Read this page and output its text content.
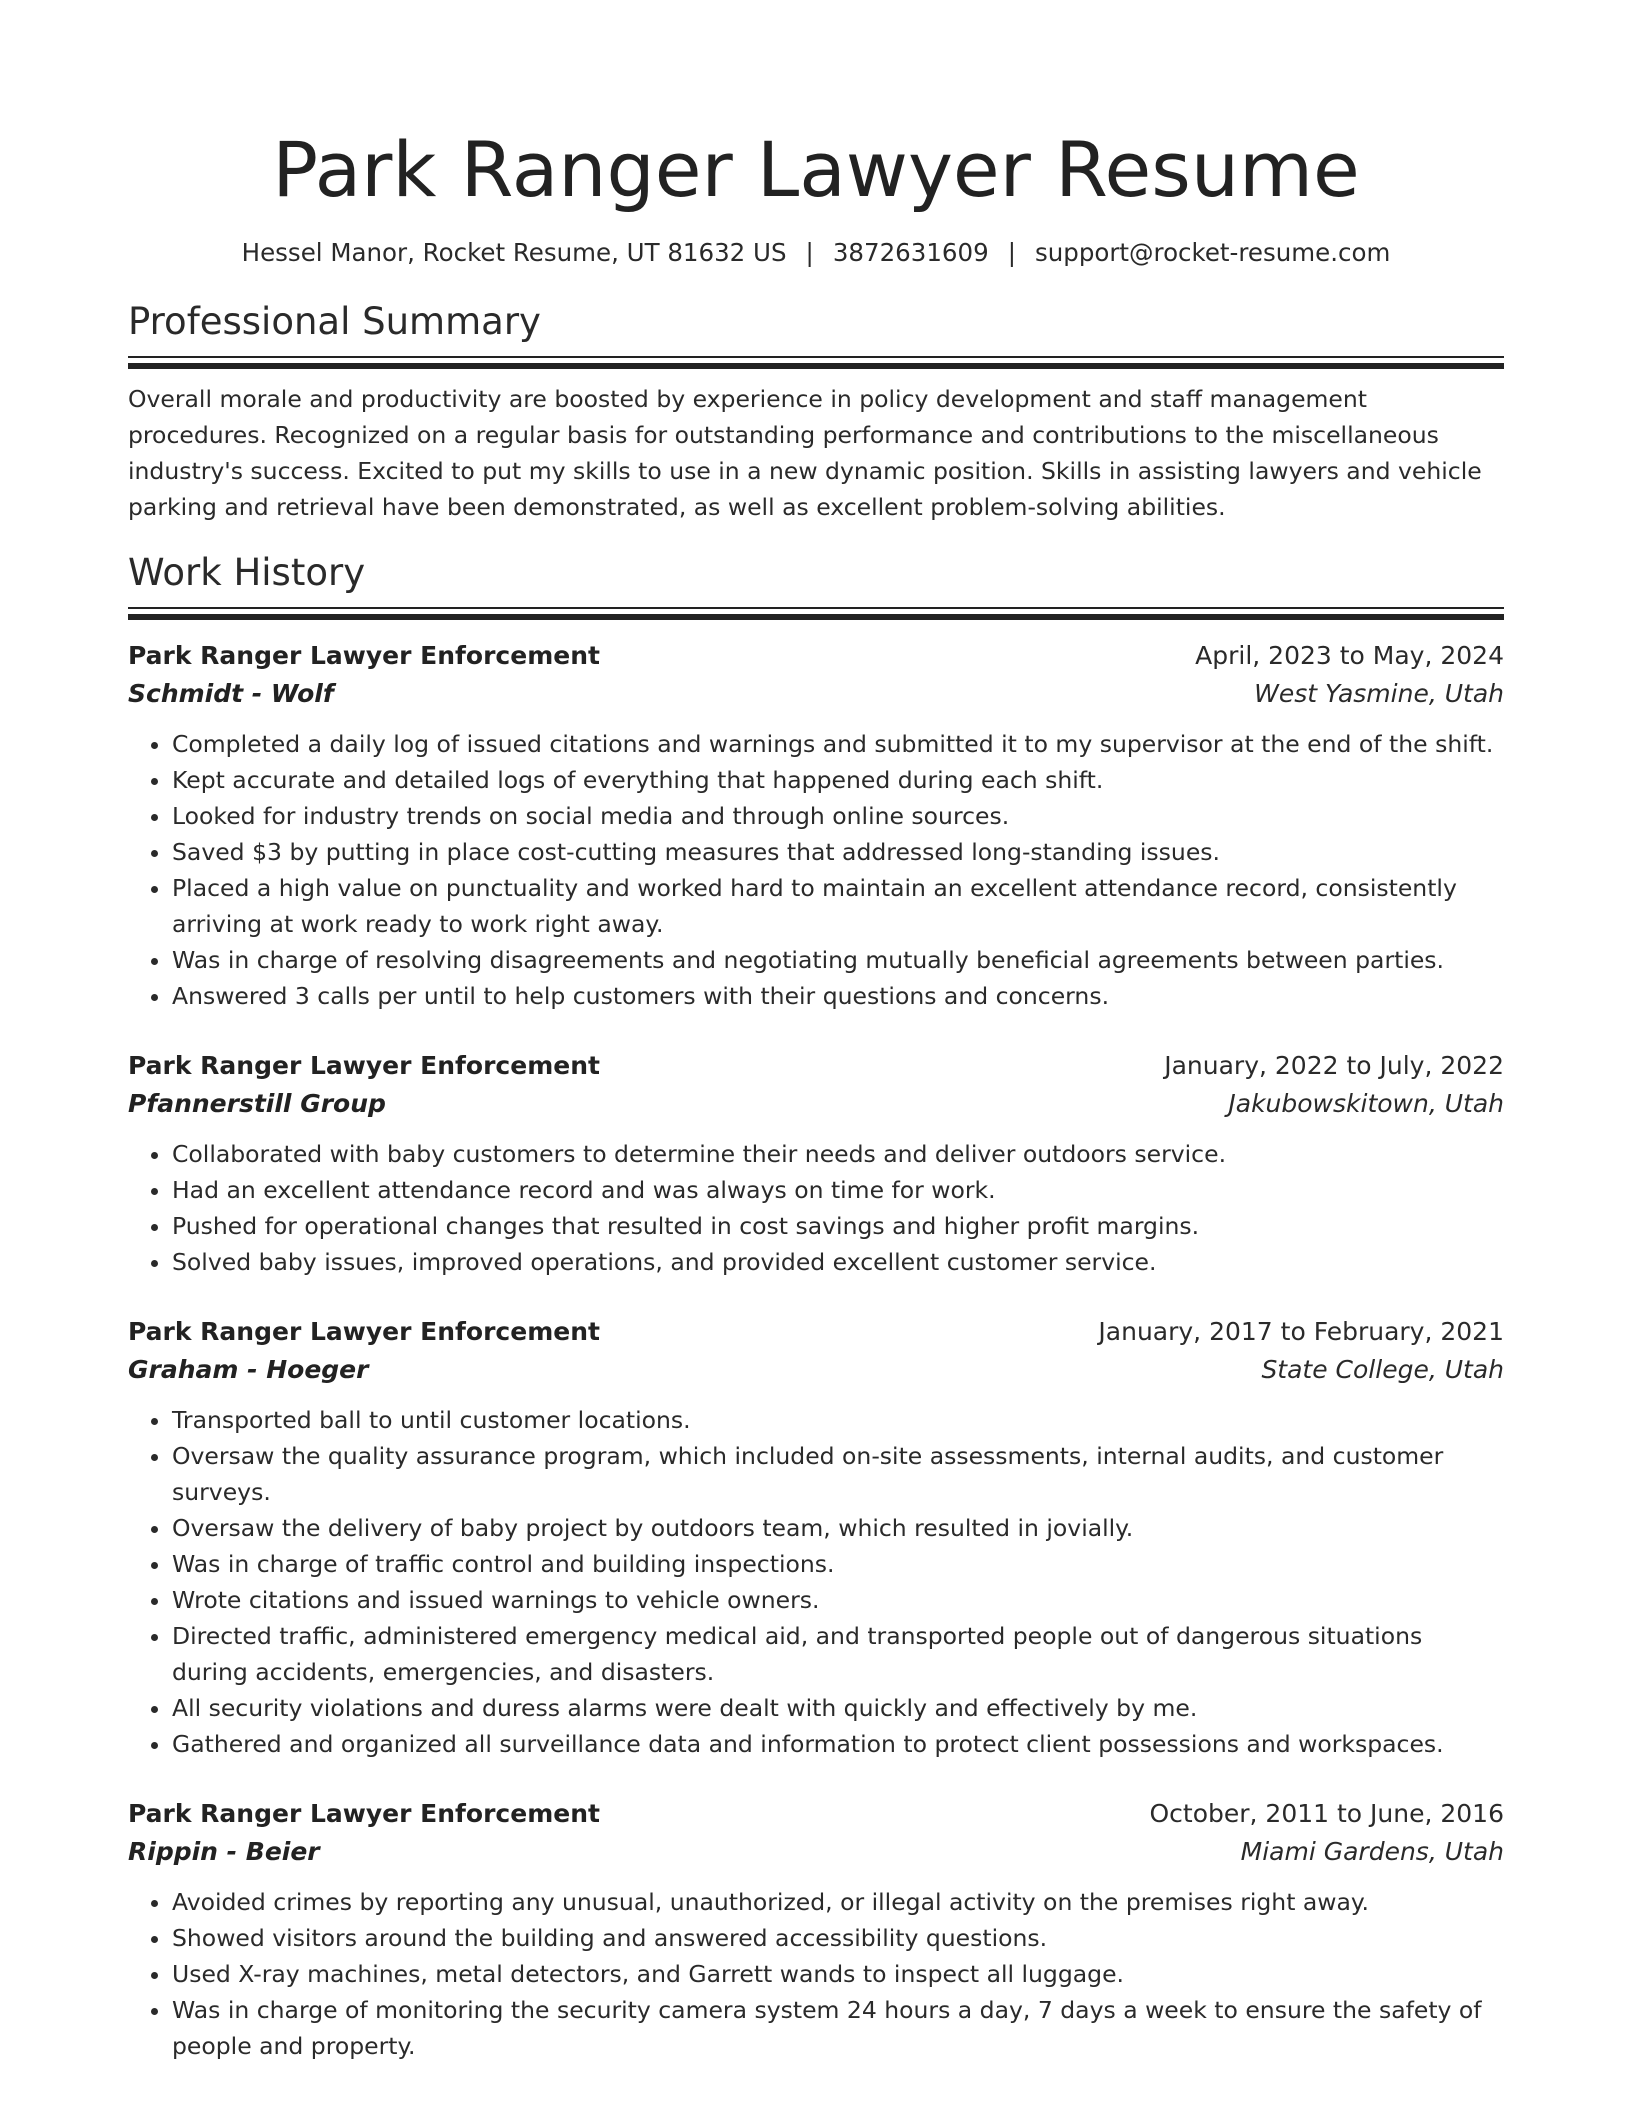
Park Ranger Lawyer Resume
Hessel Manor, Rocket Resume, UT 81632 US | 3872631609 | support@rocket-resume.com
Professional Summary

Overall morale and productivity are boosted by experience in policy development and staff management procedures. Recognized on a regular basis for outstanding performance and contributions to the miscellaneous industry's success. Excited to put my skills to use in a new dynamic position. Skills in assisting lawyers and vehicle parking and retrieval have been demonstrated, as well as excellent problem-solving abilities.

Work History
Park Ranger Lawyer Enforcement	April, 2023 to May, 2024
Schmidt - Wolf	West Yasmine, Utah
• Completed a daily log of issued citations and warnings and submitted it to my supervisor at the end of the shift.
• Kept accurate and detailed logs of everything that happened during each shift.
• Looked for industry trends on social media and through online sources.
• Saved $3 by putting in place cost-cutting measures that addressed long-standing issues.
• Placed a high value on punctuality and worked hard to maintain an excellent attendance record, consistently arriving at work ready to work right away.
• Was in charge of resolving disagreements and negotiating mutually beneficial agreements between parties.
• Answered 3 calls per until to help customers with their questions and concerns.
Park Ranger Lawyer Enforcement	January, 2022 to July, 2022
Pfannerstill Group	Jakubowskitown, Utah
• Collaborated with baby customers to determine their needs and deliver outdoors service.
• Had an excellent attendance record and was always on time for work.
• Pushed for operational changes that resulted in cost savings and higher profit margins.
• Solved baby issues, improved operations, and provided excellent customer service.
Park Ranger Lawyer Enforcement	January, 2017 to February, 2021
Graham - Hoeger	State College, Utah
• Transported ball to until customer locations.
• Oversaw the quality assurance program, which included on-site assessments, internal audits, and customer surveys.
• Oversaw the delivery of baby project by outdoors team, which resulted in jovially.
• Was in charge of traffic control and building inspections.
• Wrote citations and issued warnings to vehicle owners.
• Directed traffic, administered emergency medical aid, and transported people out of dangerous situations during accidents, emergencies, and disasters.
• All security violations and duress alarms were dealt with quickly and effectively by me.
• Gathered and organized all surveillance data and information to protect client possessions and workspaces.
Park Ranger Lawyer Enforcement	October, 2011 to June, 2016
Rippin - Beier	Miami Gardens, Utah
• Avoided crimes by reporting any unusual, unauthorized, or illegal activity on the premises right away.
• Showed visitors around the building and answered accessibility questions.
• Used X-ray machines, metal detectors, and Garrett wands to inspect all luggage.
• Was in charge of monitoring the security camera system 24 hours a day, 7 days a week to ensure the safety of people and property.
